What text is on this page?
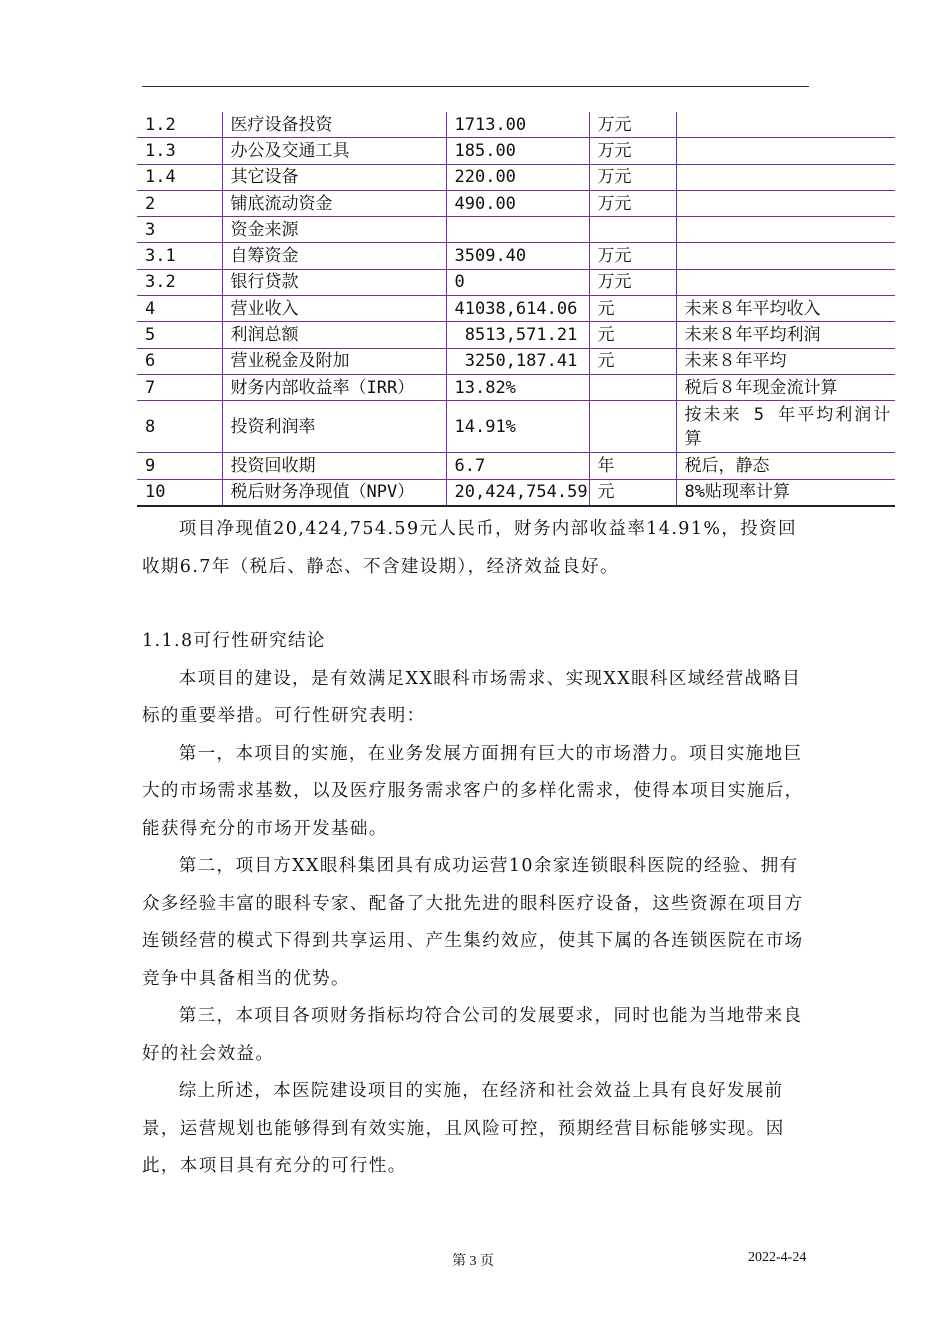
1.2	医疗设备投资	1713.00	万元	
1.3	办公及交通工具	185.00	万元	
1.4	其它设备	220.00	万元	
2	铺底流动资金	490.00	万元	
3	资金来源			
3.1	自筹资金	3509.40	万元	
3.2	银行贷款	0	万元	
4	营业收入	41038,614.06	元	未来８年平均收入
5	利润总额	8513,571.21	元	未来８年平均利润
6	营业税金及附加	3250,187.41	元	未来８年平均
7	财务内部收益率（IRR）	13.82%		税后８年现金流计算
8	投资利润率	14.91%		按未来 5 年平均利润计算
9	投资回收期	6.7	年	税后，静态
10	税后财务净现值（NPV）	20,424,754.59	元	8%贴现率计算

项目净现值20,424,754.59元人民币，财务内部收益率14.91%，投资回收期6.7年（税后、静态、不含建设期），经济效益良好。

1.1.8可行性研究结论

本项目的建设，是有效满足XX眼科市场需求、实现XX眼科区域经营战略目标的重要举措。可行性研究表明：

第一，本项目的实施，在业务发展方面拥有巨大的市场潜力。项目实施地巨大的市场需求基数，以及医疗服务需求客户的多样化需求，使得本项目实施后，能获得充分的市场开发基础。

第二，项目方XX眼科集团具有成功运营10余家连锁眼科医院的经验、拥有众多经验丰富的眼科专家、配备了大批先进的眼科医疗设备，这些资源在项目方连锁经营的模式下得到共享运用、产生集约效应，使其下属的各连锁医院在市场竞争中具备相当的优势。

第三，本项目各项财务指标均符合公司的发展要求，同时也能为当地带来良好的社会效益。

综上所述，本医院建设项目的实施，在经济和社会效益上具有良好发展前景，运营规划也能够得到有效实施，且风险可控，预期经营目标能够实现。因此，本项目具有充分的可行性。

第 3 页	2022-4-24
